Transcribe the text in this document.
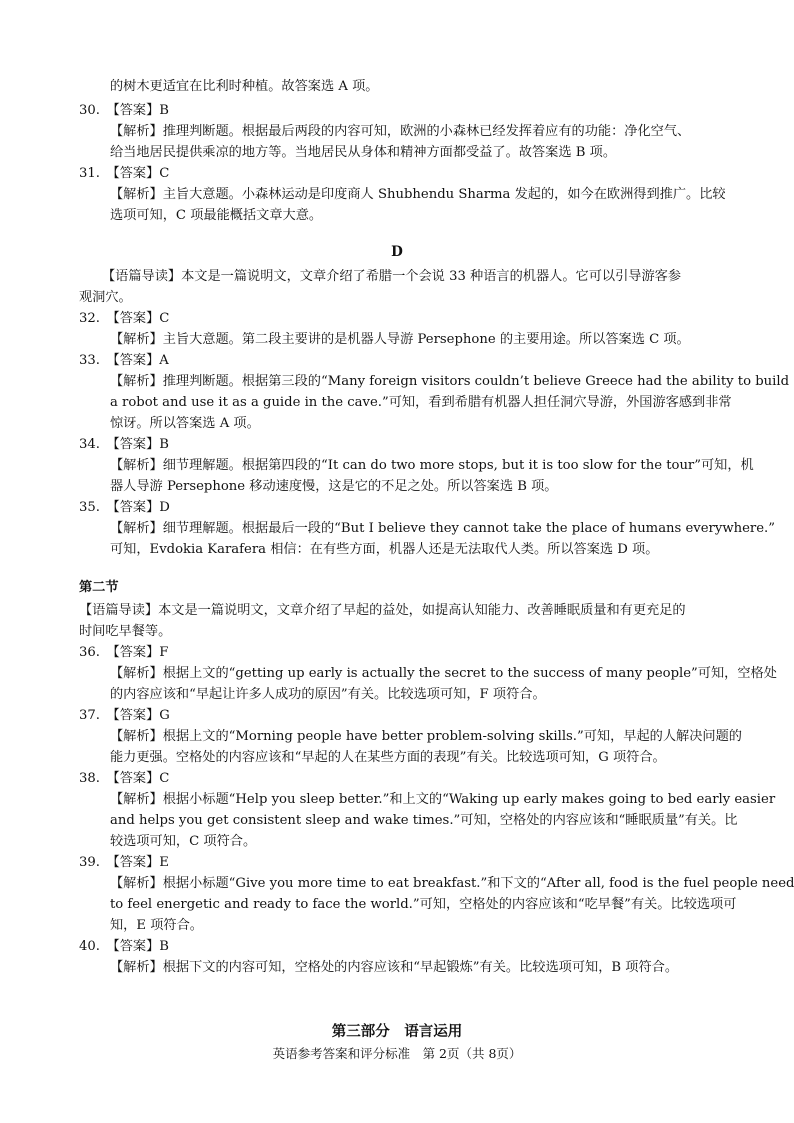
的树木更适宜在比利时种植。故答案选 A 项。
30.　【答案】B
【解析】推理判断题。根据最后两段的内容可知，欧洲的小森林已经发挥着应有的功能：净化空气、
给当地居民提供乘凉的地方等。当地居民从身体和精神方面都受益了。故答案选 B 项。
31.　【答案】C
【解析】主旨大意题。小森林运动是印度商人 Shubhendu Sharma 发起的，如今在欧洲得到推广。比较
选项可知，C 项最能概括文章大意。
【语篇导读】本文是一篇说明文，文章介绍了希腊一个会说 33 种语言的机器人。它可以引导游客参
观洞穴。
32.　【答案】C
【解析】主旨大意题。第二段主要讲的是机器人导游 Persephone 的主要用途。所以答案选 C 项。
33.　【答案】A
【解析】推理判断题。根据第三段的“Many foreign visitors couldn’t believe Greece had the ability to build
a robot and use it as a guide in the cave.”可知，看到希腊有机器人担任洞穴导游，外国游客感到非常
惊讶。所以答案选 A 项。
34.　【答案】B
【解析】细节理解题。根据第四段的“It can do two more stops, but it is too slow for the tour”可知，机
器人导游 Persephone 移动速度慢，这是它的不足之处。所以答案选 B 项。
35.　【答案】D
【解析】细节理解题。根据最后一段的“But I believe they cannot take the place of humans everywhere.”
可知，Evdokia Karafera 相信：在有些方面，机器人还是无法取代人类。所以答案选 D 项。
【语篇导读】本文是一篇说明文，文章介绍了早起的益处，如提高认知能力、改善睡眠质量和有更充足的
时间吃早餐等。
36.　【答案】F
【解析】根据上文的“getting up early is actually the secret to the success of many people”可知，空格处
的内容应该和“早起让许多人成功的原因”有关。比较选项可知，F 项符合。
37.　【答案】G
【解析】根据上文的“Morning people have better problem-solving skills.”可知，早起的人解决问题的
能力更强。空格处的内容应该和“早起的人在某些方面的表现”有关。比较选项可知，G 项符合。
38.　【答案】C
【解析】根据小标题“Help you sleep better.”和上文的“Waking up early makes going to bed early easier
and helps you get consistent sleep and wake times.”可知，空格处的内容应该和“睡眠质量”有关。比
较选项可知，C 项符合。
39.　【答案】E
【解析】根据小标题“Give you more time to eat breakfast.”和下文的“After all, food is the fuel people need
to feel energetic and ready to face the world.”可知，空格处的内容应该和“吃早餐”有关。比较选项可
知，E 项符合。
40.　【答案】B
【解析】根据下文的内容可知，空格处的内容应该和“早起锻炼”有关。比较选项可知，B 项符合。
D
第二节
第三部分　语言运用
英语参考答案和评分标准　第 2页（共 8页）
